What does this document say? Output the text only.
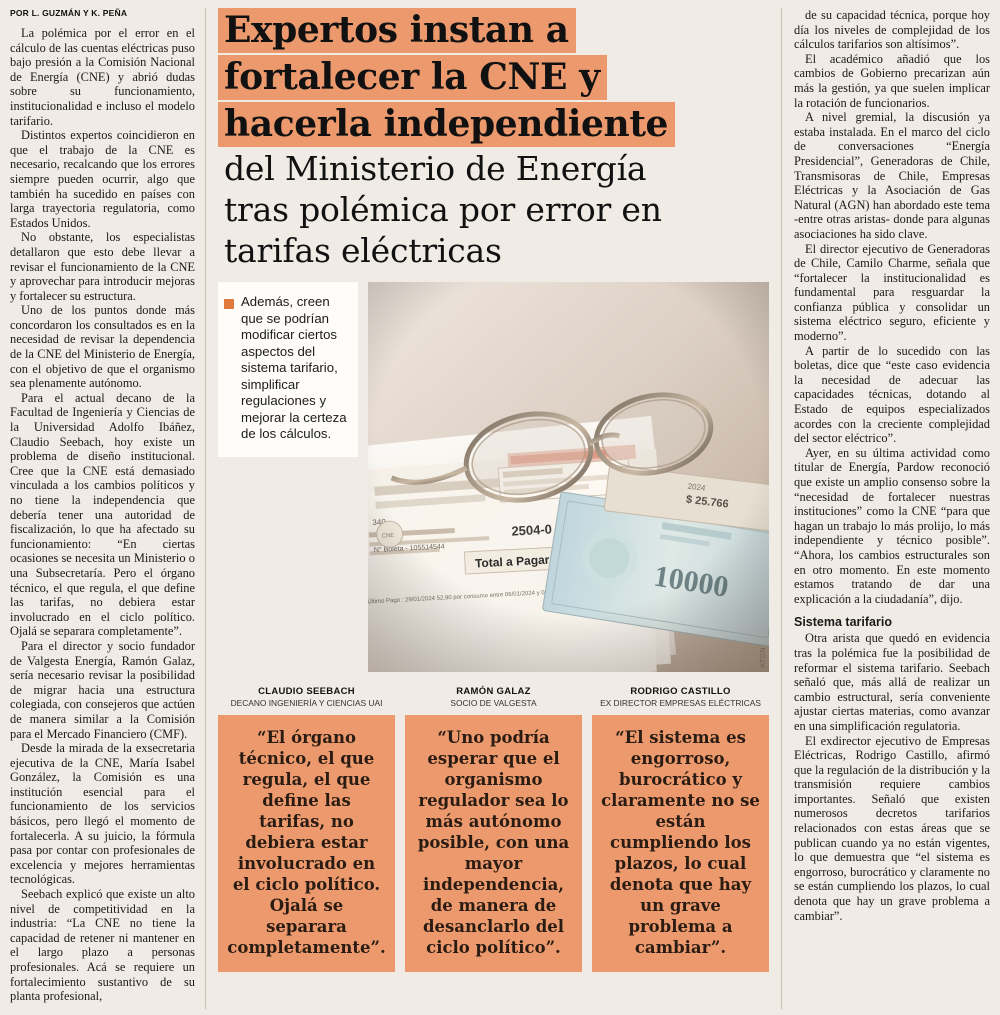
POR L. GUZMÁN Y K. PEÑA

La polémica por el error en el cálculo de las cuentas eléctricas puso bajo presión a la Comisión Nacional de Energía (CNE) y abrió dudas sobre su funcionamiento, institucionalidad e incluso el modelo tarifario.

Distintos expertos coincidieron en que el trabajo de la CNE es necesario, recalcando que los errores siempre pueden ocurrir, algo que también ha sucedido en países con larga trayectoria regulatoria, como Estados Unidos.

No obstante, los especialistas detallaron que esto debe llevar a revisar el funcionamiento de la CNE y aprovechar para introducir mejoras y fortalecer su estructura.

Uno de los puntos donde más concordaron los consultados es en la necesidad de revisar la dependencia de la CNE del Ministerio de Energía, con el objetivo de que el organismo sea plenamente autónomo.

Para el actual decano de la Facultad de Ingeniería y Ciencias de la Universidad Adolfo Ibáñez, Claudio Seebach, hoy existe un problema de diseño institucional. Cree que la CNE está demasiado vinculada a los cambios políticos y no tiene la independencia que debería tener una autoridad de fiscalización, lo que ha afectado su funcionamiento: “En ciertas ocasiones se necesita un Ministerio o una Subsecretaría. Pero el órgano técnico, el que regula, el que define las tarifas, no debiera estar involucrado en el ciclo político. Ojalá se separara completamente”.

Para el director y socio fundador de Valgesta Energía, Ramón Galaz, sería necesario revisar la posibilidad de migrar hacia una estructura colegiada, con consejeros que actúen de manera similar a la Comisión para el Mercado Financiero (CMF).

Desde la mirada de la exsecretaria ejecutiva de la CNE, María Isabel González, la Comisión es una institución esencial para el funcionamiento de los servicios básicos, pero llegó el momento de fortalecerla. A su juicio, la fórmula pasa por contar con profesionales de excelencia y mejores herramientas tecnológicas.

Seebach explicó que existe un alto nivel de competitividad en la industria: “La CNE no tiene la capacidad de retener ni mantener en el largo plazo a personas profesionales. Acá se requiere un fortalecimiento sustantivo de su planta profesional,

Expertos instan a
fortalecer la CNE y
hacerla independiente
del Ministerio de Energía
tras polémica por error en
tarifas eléctricas
Además, creen que se podrían modificar ciertos aspectos del sistema tarifario, simplificar regulaciones y mejorar la certeza de los cálculos.
ATON
CLAUDIO SEEBACH
DECANO INGENIERÍA Y CIENCIAS UAI
“El órgano técnico, el que regula, el que define las tarifas, no debiera estar involucrado en el ciclo político. Ojalá se separara completamente”.
RAMÓN GALAZ
SOCIO DE VALGESTA
“Uno podría esperar que el organismo regulador sea lo más autónomo posible, con una mayor independencia, de manera de desanclarlo del ciclo político”.
RODRIGO CASTILLO
EX DIRECTOR EMPRESAS ELÉCTRICAS
“El sistema es engorroso, burocrático y claramente no se están cumpliendo los plazos, lo cual denota que hay un grave problema a cambiar”.

de su capacidad técnica, porque hoy día los niveles de complejidad de los cálculos tarifarios son altísimos”.

El académico añadió que los cambios de Gobierno precarizan aún más la gestión, ya que suelen implicar la rotación de funcionarios.

A nivel gremial, la discusión ya estaba instalada. En el marco del ciclo de conversaciones “Energía Presidencial”, Generadoras de Chile, Transmisoras de Chile, Empresas Eléctricas y la Asociación de Gas Natural (AGN) han abordado este tema -entre otras aristas- donde para algunas asociaciones ha sido clave.

El director ejecutivo de Generadoras de Chile, Camilo Charme, señala que “fortalecer la institucionalidad es fundamental para resguardar la confianza pública y consolidar un sistema eléctrico seguro, eficiente y moderno”.

A partir de lo sucedido con las boletas, dice que “este caso evidencia la necesidad de adecuar las capacidades técnicas, dotando al Estado de equipos especializados acordes con la creciente complejidad del sector eléctrico”.

Ayer, en su última actividad como titular de Energía, Pardow reconoció que existe un amplio consenso sobre la “necesidad de fortalecer nuestras instituciones” como la CNE “para que hagan un trabajo lo más prolijo, lo más independiente y técnico posible”. “Ahora, los cambios estructurales son en otro momento. En este momento estamos tratando de dar una explicación a la ciudadanía”, dijo.

Sistema tarifario

Otra arista que quedó en evidencia tras la polémica fue la posibilidad de reformar el sistema tarifario. Seebach señaló que, más allá de realizar un cambio estructural, sería conveniente ajustar ciertas materias, como avanzar en una simplificación regulatoria.

El exdirector ejecutivo de Empresas Eléctricas, Rodrigo Castillo, afirmó que la regulación de la distribución y la transmisión requiere cambios importantes. Señaló que existen numerosos decretos tarifarios relacionados con estas áreas que se publican cuando ya no están vigentes, lo que demuestra que “el sistema es engorroso, burocrático y claramente no se están cumpliendo los plazos, lo cual denota que hay un grave problema a cambiar”.
